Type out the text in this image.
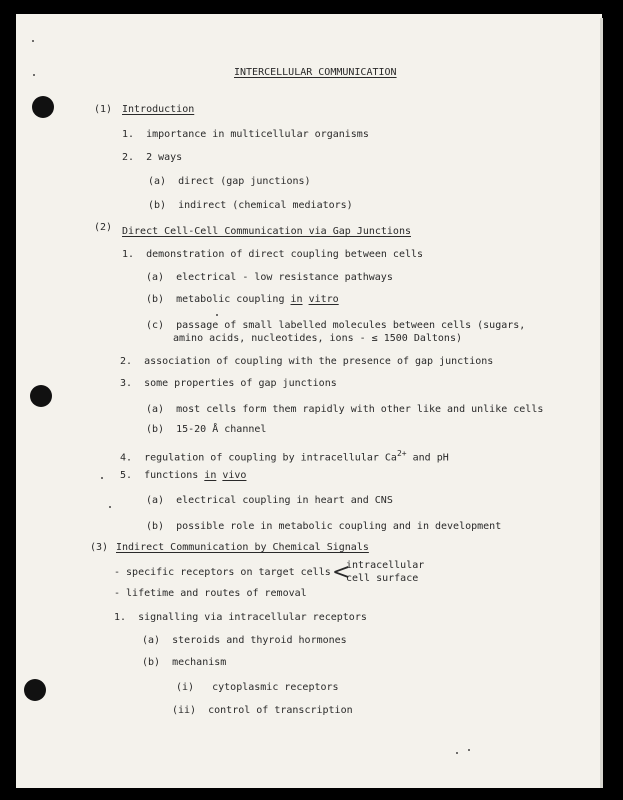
INTERCELLULAR COMMUNICATION
(1) Introduction
1.  importance in multicellular organisms
2.  2 ways
(a)  direct (gap junctions)
(b)  indirect (chemical mediators)
(2) Direct Cell-Cell Communication via Gap Junctions
1.  demonstration of direct coupling between cells
(a)  electrical - low resistance pathways
(b)  metabolic coupling in vitro
(c)  passage of small labelled molecules between cells (sugars,
amino acids, nucleotides, ions - ≤ 1500 Daltons)
2.  association of coupling with the presence of gap junctions
3.  some properties of gap junctions
(a)  most cells form them rapidly with other like and unlike cells
(b)  15-20 Å channel
4.  regulation of coupling by intracellular $Ca^{2+}$ and pH
5.  functions in vivo
(a)  electrical coupling in heart and CNS
(b)  possible role in metabolic coupling and in development
(3) Indirect Communication by Chemical Signals
- specific receptors on target cells <
intracellular
cell surface
- lifetime and routes of removal
1.  signalling via intracellular receptors
(a)  steroids and thyroid hormones
(b)  mechanism
(i)   cytoplasmic receptors
(ii)  control of transcription
